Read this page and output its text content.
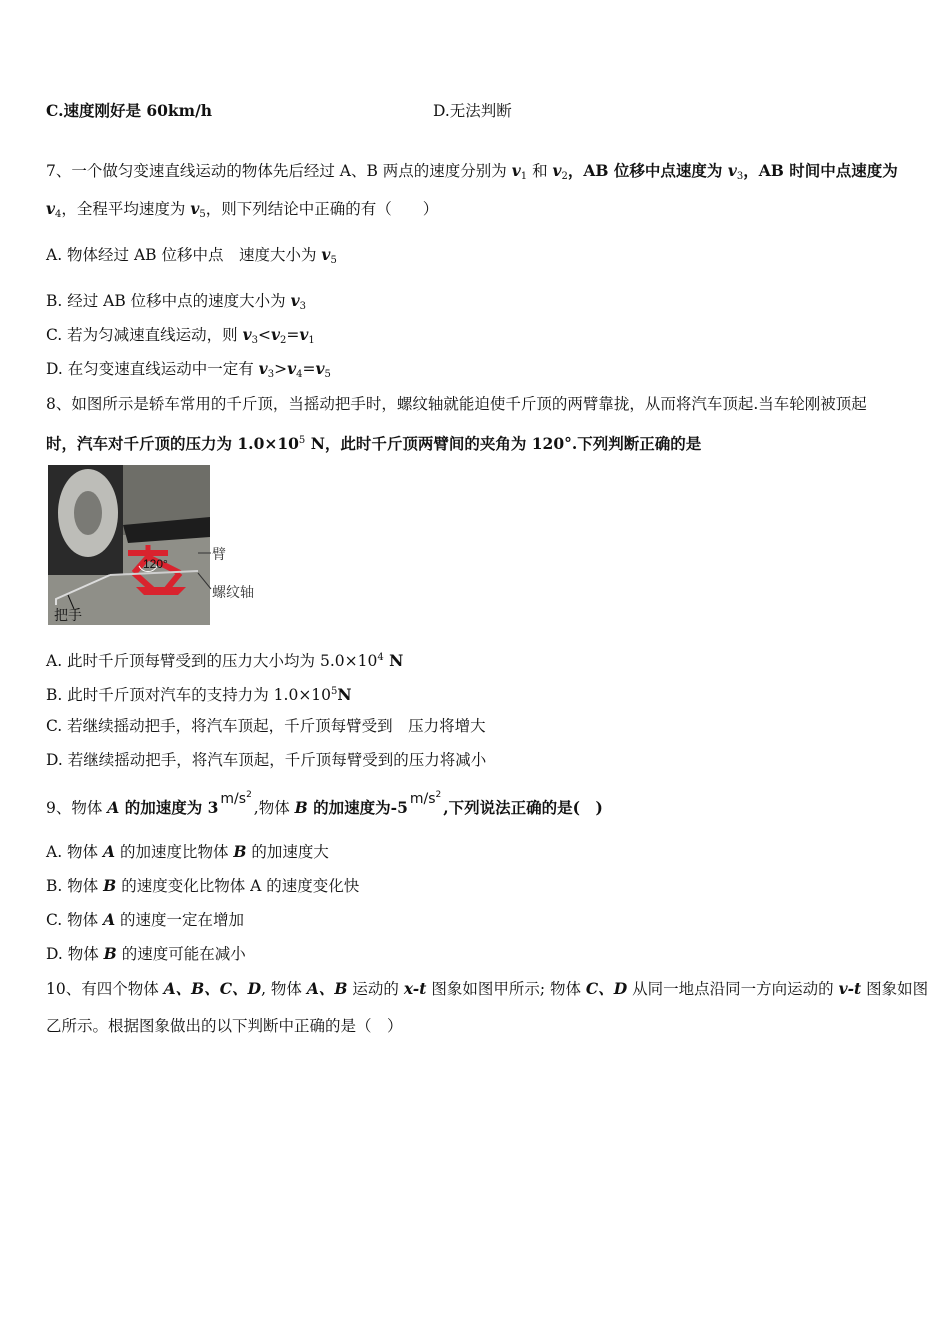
C.速度刚好是 60km/h	D.无法判断
7、一个做匀变速直线运动的物体先后经过 A、B 两点的速度分别为 $v_1$ 和 $v_2$，AB 位移中点速度为 $v_3$，AB 时间中点速度为
$v_4$，全程平均速度为 $v_5$，则下列结论中正确的有（　　）
A. 物体经过 AB 位移中点　速度大小为 $v_5$
B. 经过 AB 位移中点的速度大小为 $v_3$
C. 若为匀减速直线运动，则 $v_3<v_2=v_1$
D. 在匀变速直线运动中一定有 $v_3>v_4=v_5$
8、如图所示是轿车常用的千斤顶，当摇动把手时，螺纹轴就能迫使千斤顶的两臂靠拢，从而将汽车顶起.当车轮刚被顶起
时，汽车对千斤顶的压力为 $1.0\times 10^5$ N，此时千斤顶两臂间的夹角为 120°.下列判断正确的是
120°
臂
螺纹轴
把手
A. 此时千斤顶每臂受到的压力大小均为 $5.0\times 10^4$ N
B. 此时千斤顶对汽车的支持力为 $1.0\times 10^5N$
C. 若继续摇动把手，将汽车顶起，千斤顶每臂受到　压力将增大
D. 若继续摇动把手，将汽车顶起，千斤顶每臂受到的压力将减小
9、物体 A 的加速度为 3 $m/s^2$,物体 B 的加速度为-5 $m/s^2$,下列说法正确的是(　)
A. 物体 A 的加速度比物体 B 的加速度大
B. 物体 B 的速度变化比物体 A 的速度变化快
C. 物体 A 的速度一定在增加
D. 物体 B 的速度可能在减小
10、有四个物体 A、B、C、D, 物体 A、B 运动的 x-t 图象如图甲所示; 物体 C、D 从同一地点沿同一方向运动的 v-t 图象如图
乙所示。根据图象做出的以下判断中正确的是（　）
